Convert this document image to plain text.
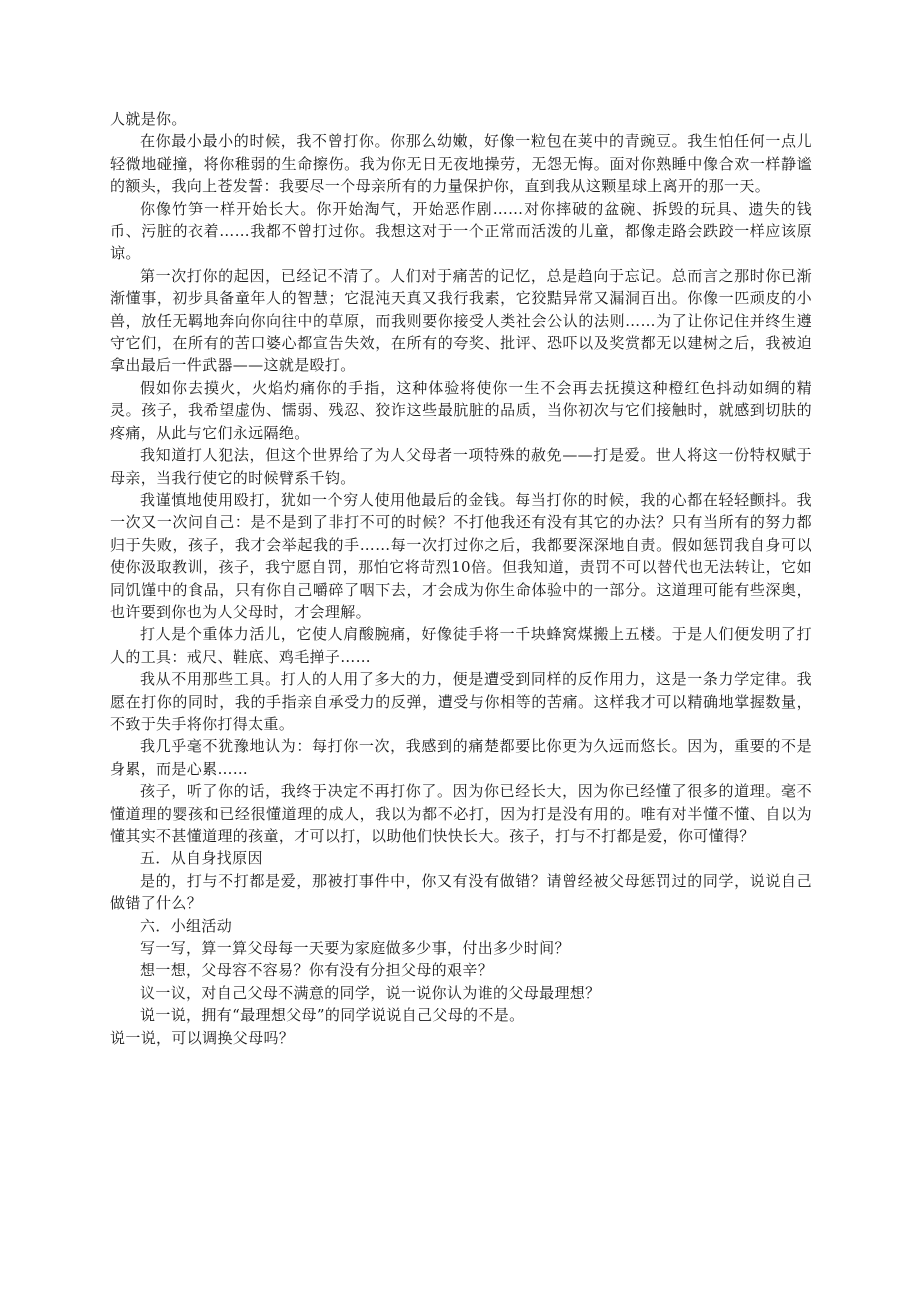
人就是你。

在你最小最小的时候，我不曾打你。你那么幼嫩，好像一粒包在荚中的青豌豆。我生怕任何一点儿轻微地碰撞，将你稚弱的生命擦伤。我为你无日无夜地操劳，无怨无悔。面对你熟睡中像合欢一样静谧的额头，我向上苍发誓：我要尽一个母亲所有的力量保护你，直到我从这颗星球上离开的那一天。

你像竹笋一样开始长大。你开始淘气，开始恶作剧……对你摔破的盆碗、拆毁的玩具、遗失的钱币、污脏的衣着……我都不曾打过你。我想这对于一个正常而活泼的儿童，都像走路会跌跤一样应该原谅。

第一次打你的起因，已经记不清了。人们对于痛苦的记忆，总是趋向于忘记。总而言之那时你已渐渐懂事，初步具备童年人的智慧；它混沌天真又我行我素，它狡黠异常又漏洞百出。你像一匹顽皮的小兽，放任无羁地奔向你向往中的草原，而我则要你接受人类社会公认的法则……为了让你记住并终生遵守它们，在所有的苦口婆心都宣告失效，在所有的夸奖、批评、恐吓以及奖赏都无以建树之后，我被迫拿出最后一件武器——这就是殴打。

假如你去摸火，火焰灼痛你的手指，这种体验将使你一生不会再去抚摸这种橙红色抖动如绸的精灵。孩子，我希望虚伪、懦弱、残忍、狡诈这些最肮脏的品质，当你初次与它们接触时，就感到切肤的疼痛，从此与它们永远隔绝。

我知道打人犯法，但这个世界给了为人父母者一项特殊的赦免——打是爱。世人将这一份特权赋于母亲，当我行使它的时候臂系千钧。

我谨慎地使用殴打，犹如一个穷人使用他最后的金钱。每当打你的时候，我的心都在轻轻颤抖。我一次又一次问自己：是不是到了非打不可的时候？不打他我还有没有其它的办法？只有当所有的努力都归于失败，孩子，我才会举起我的手……每一次打过你之后，我都要深深地自责。假如惩罚我自身可以使你汲取教训，孩子，我宁愿自罚，那怕它将苛烈10倍。但我知道，责罚不可以替代也无法转让，它如同饥馑中的食品，只有你自己嚼碎了咽下去，才会成为你生命体验中的一部分。这道理可能有些深奥，也许要到你也为人父母时，才会理解。

打人是个重体力活儿，它使人肩酸腕痛，好像徒手将一千块蜂窝煤搬上五楼。于是人们便发明了打人的工具：戒尺、鞋底、鸡毛掸子……

我从不用那些工具。打人的人用了多大的力，便是遭受到同样的反作用力，这是一条力学定律。我愿在打你的同时，我的手指亲自承受力的反弹，遭受与你相等的苦痛。这样我才可以精确地掌握数量，不致于失手将你打得太重。

我几乎毫不犹豫地认为：每打你一次，我感到的痛楚都要比你更为久远而悠长。因为，重要的不是身累，而是心累……

孩子，听了你的话，我终于决定不再打你了。因为你已经长大，因为你已经懂了很多的道理。毫不懂道理的婴孩和已经很懂道理的成人，我以为都不必打，因为打是没有用的。唯有对半懂不懂、自以为懂其实不甚懂道理的孩童，才可以打，以助他们快快长大。孩子，打与不打都是爱，你可懂得？

五．从自身找原因

是的，打与不打都是爱，那被打事件中，你又有没有做错？请曾经被父母惩罚过的同学，说说自己做错了什么？

六．小组活动

写一写，算一算父母每一天要为家庭做多少事，付出多少时间？

想一想，父母容不容易？你有没有分担父母的艰辛？

议一议，对自己父母不满意的同学，说一说你认为谁的父母最理想？

说一说，拥有“最理想父母”的同学说说自己父母的不是。

说一说，可以调换父母吗？
